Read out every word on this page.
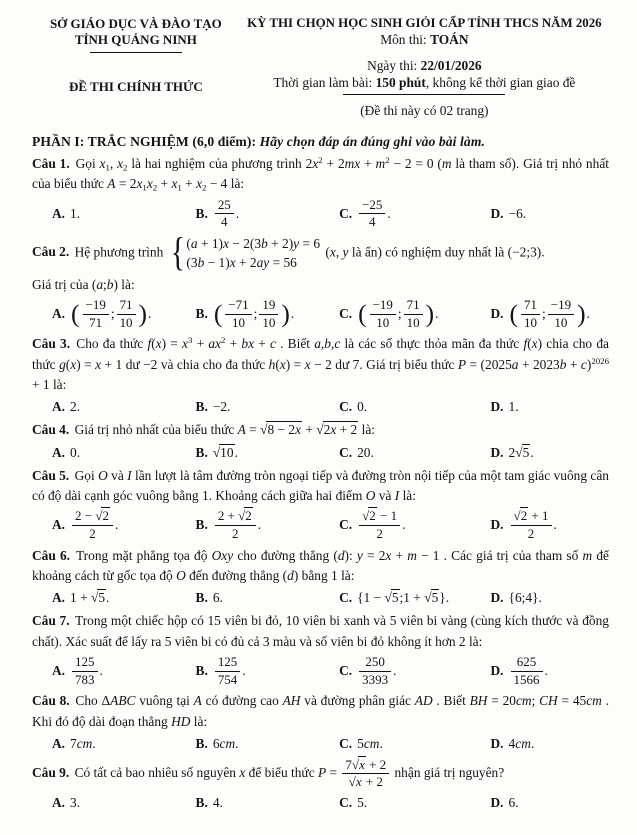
SỞ GIÁO DỤC VÀ ĐÀO TẠO
TỈNH QUẢNG NINH
ĐỀ THI CHÍNH THỨC
KỲ THI CHỌN HỌC SINH GIỎI CẤP TỈNH THCS NĂM 2026
Môn thi: TOÁN
Ngày thi: 22/01/2026
Thời gian làm bài: 150 phút, không kể thời gian giao đề
(Đề thi này có 02 trang)
PHẦN I: TRẮC NGHIỆM (6,0 điểm): Hãy chọn đáp án đúng ghi vào bài làm.

Câu 1. Gọi $x_1$, $x_2$ là hai nghiệm của phương trình $2x^2 + 2mx + m^2 - 2 = 0$ (m là tham số). Giá trị nhỏ nhất của biểu thức $A = 2x_1x_2 + x_1 + x_2 - 4$ là:

A. 1.	B. $\frac{25}{4}$ .	C. $\frac{-25}{4}$ .	D. −6.

Câu 2. Hệ phương trình { (a + 1)x − 2(3b + 2)y = 6
(3b − 1)x + 2ay = 56
(x, y là ẩn) có nghiệm duy nhất là (−2;3).

Giá trị của (a;b) là:

A. ( $\frac{-19}{71}$ ; $\frac{71}{10}$ ) .	B. ( $\frac{-71}{10}$ ; $\frac{19}{10}$ ) .	C. ( $\frac{-19}{10}$ ; $\frac{71}{10}$ ) .	D. ( $\frac{71}{10}$ ; $\frac{-19}{10}$ ) .

Câu 3. Cho đa thức $f(x) = x^3 + ax^2$ + bx + c . Biết a,b,c là các số thực thỏa mãn đa thức f(x) chia cho đa thức g(x) = x + 1 dư −2 và chia cho đa thức h(x) = x − 2 dư 7. Giá trị biểu thức $P = (2025a + 2023b + c)^{2026} + 1$ là:

A. 2.	B. −2.	C. 0.	D. 1.

Câu 4. Giá trị nhỏ nhất của biểu thức A = √8 − 2x + √2x + 2 là:

A. 0.	B. √10 .	C. 20.	D. 2√5 .

Câu 5. Gọi O và I lần lượt là tâm đường tròn ngoại tiếp và đường tròn nội tiếp của một tam giác vuông cân có độ dài cạnh góc vuông bằng 1. Khoảng cách giữa hai điểm O và I là:

A. $\frac{2 - √2}{2}$ .	B. $\frac{2 + √2}{2}$ .	C. $\frac{√2 - 1}{2}$ .	D. $\frac{√2 + 1}{2}$ .

Câu 6. Trong mặt phẳng tọa độ Oxy cho đường thẳng (d): y = 2x + m − 1 . Các giá trị của tham số m để khoảng cách từ gốc tọa độ O đến đường thẳng (d) bằng 1 là:

A. 1 + √5.	B. 6.	C. {1 − √5;1 + √5}.	D. {6;4}.

Câu 7. Trong một chiếc hộp có 15 viên bi đỏ, 10 viên bi xanh và 5 viên bi vàng (cùng kích thước và đồng chất). Xác suất để lấy ra 5 viên bi có đủ cả 3 màu và số viên bi đỏ không ít hơn 2 là:

A. $\frac{125}{783}$ .	B. $\frac{125}{754}$ .	C. $\frac{250}{3393}$ .	D. $\frac{625}{1566}$ .

Câu 8. Cho ΔABC vuông tại A có đường cao AH và đường phân giác AD . Biết BH = 20cm; CH = 45cm . Khi đó độ dài đoạn thẳng HD là:

A. 7cm.	B. 6cm.	C. 5cm.	D. 4cm.

Câu 9. Có tất cả bao nhiêu số nguyên x để biểu thức $P = \frac{7√x + 2}{√x + 2}$ nhận giá trị nguyên?

A. 3.	B. 4.	C. 5.	D. 6.
